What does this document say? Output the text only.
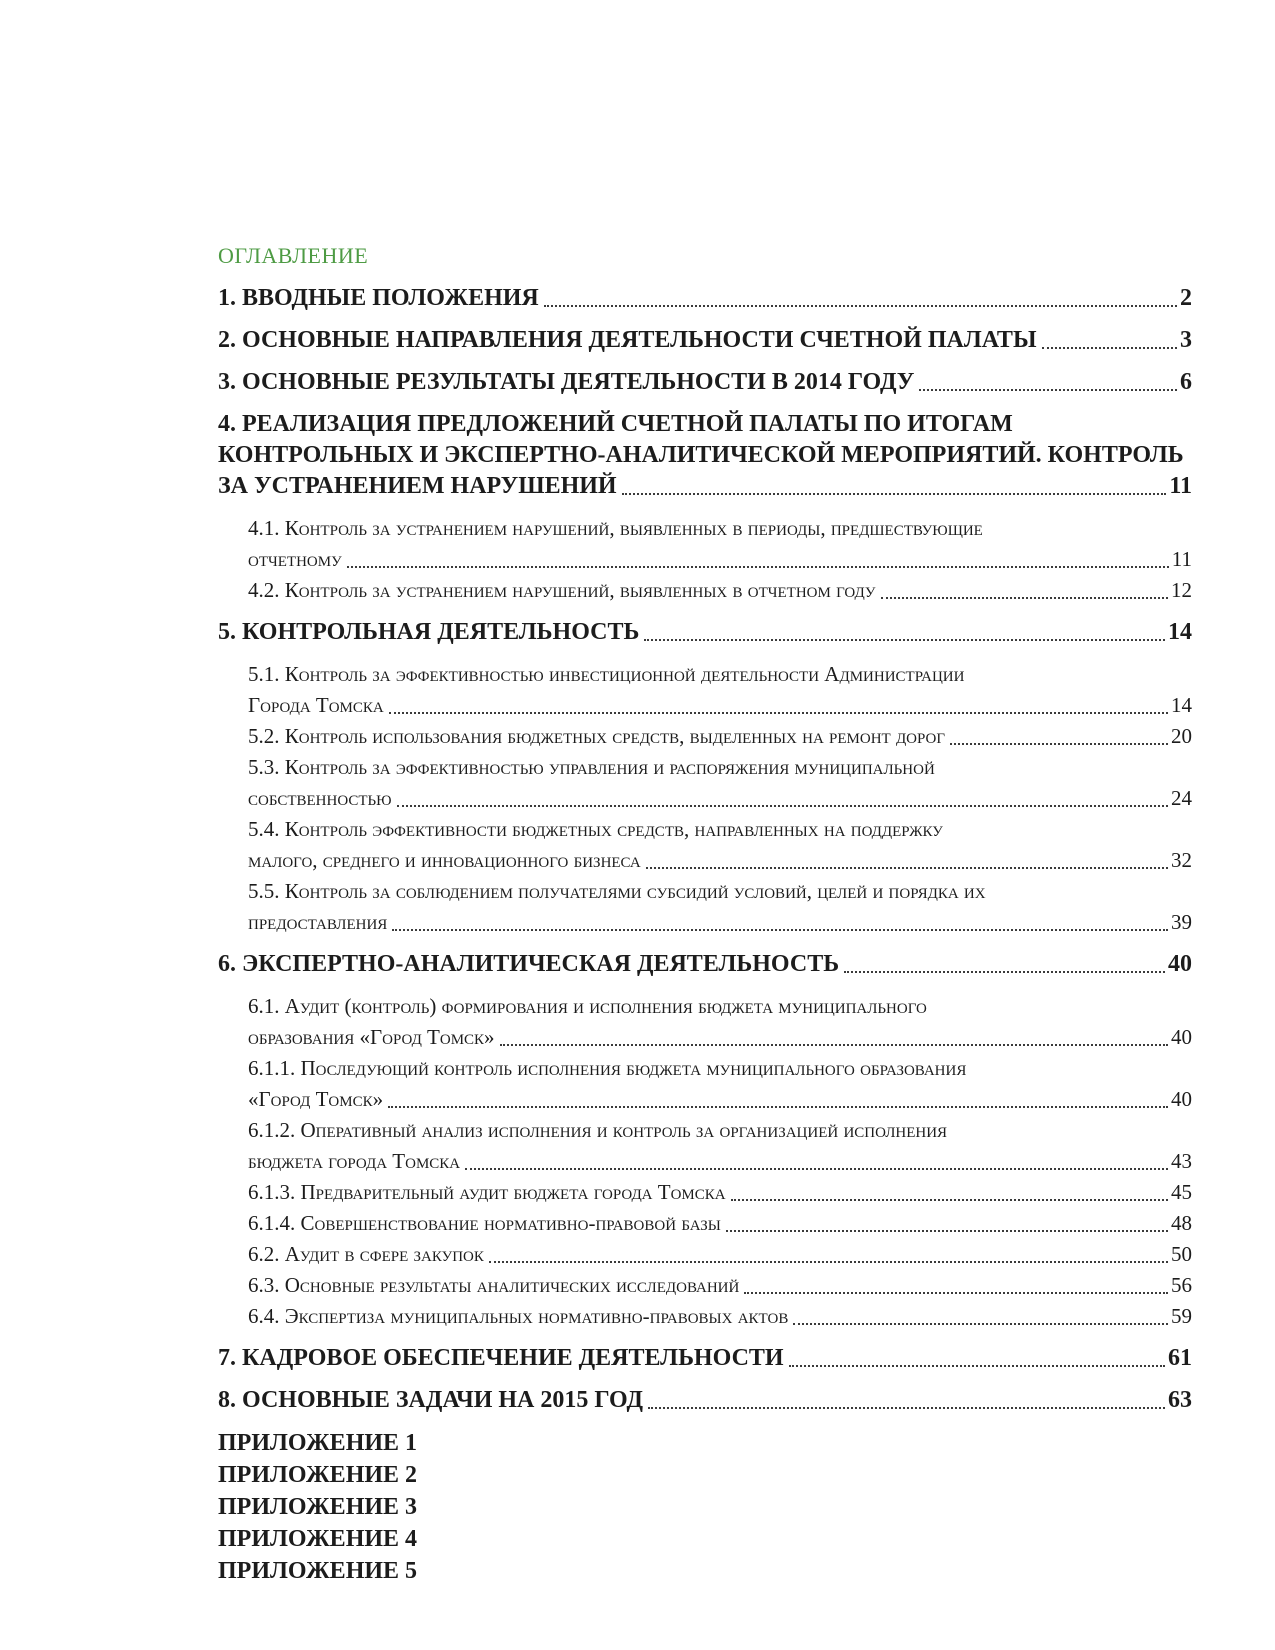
ОГЛАВЛЕНИЕ
1. ВВОДНЫЕ ПОЛОЖЕНИЯ	2
2. ОСНОВНЫЕ НАПРАВЛЕНИЯ ДЕЯТЕЛЬНОСТИ СЧЕТНОЙ ПАЛАТЫ	3
3. ОСНОВНЫЕ РЕЗУЛЬТАТЫ ДЕЯТЕЛЬНОСТИ В 2014 ГОДУ	6
4. РЕАЛИЗАЦИЯ ПРЕДЛОЖЕНИЙ СЧЕТНОЙ ПАЛАТЫ ПО ИТОГАМ
КОНТРОЛЬНЫХ И ЭКСПЕРТНО-АНАЛИТИЧЕСКОЙ МЕРОПРИЯТИЙ. КОНТРОЛЬ
ЗА УСТРАНЕНИЕМ НАРУШЕНИЙ	11
4.1. Контроль за устранением нарушений, выявленных в периоды, предшествующие
отчетному	11
4.2. Контроль за устранением нарушений, выявленных в отчетном году	12
5. КОНТРОЛЬНАЯ ДЕЯТЕЛЬНОСТЬ	14
5.1. Контроль за эффективностью инвестиционной деятельности Администрации
Города Томска	14
5.2. Контроль использования бюджетных средств, выделенных на ремонт дорог	20
5.3. Контроль за эффективностью управления и распоряжения муниципальной
собственностью	24
5.4. Контроль эффективности бюджетных средств, направленных на поддержку
малого, среднего и инновационного бизнеса	32
5.5. Контроль за соблюдением получателями субсидий условий, целей и порядка их
предоставления	39
6. ЭКСПЕРТНО-АНАЛИТИЧЕСКАЯ ДЕЯТЕЛЬНОСТЬ	40
6.1. Аудит (контроль) формирования и исполнения бюджета муниципального
образования «Город Томск»	40
6.1.1. Последующий контроль исполнения бюджета муниципального образования
«Город Томск»	40
6.1.2. Оперативный анализ исполнения и контроль за организацией исполнения
бюджета города Томска	43
6.1.3. Предварительный аудит бюджета города Томска	45
6.1.4. Совершенствование нормативно-правовой базы	48
6.2. Аудит в сфере закупок	50
6.3. Основные результаты аналитических исследований	56
6.4. Экспертиза муниципальных нормативно-правовых актов	59
7. КАДРОВОЕ ОБЕСПЕЧЕНИЕ ДЕЯТЕЛЬНОСТИ	61
8. ОСНОВНЫЕ ЗАДАЧИ НА 2015 ГОД	63
ПРИЛОЖЕНИЕ 1
ПРИЛОЖЕНИЕ 2
ПРИЛОЖЕНИЕ 3
ПРИЛОЖЕНИЕ 4
ПРИЛОЖЕНИЕ 5
